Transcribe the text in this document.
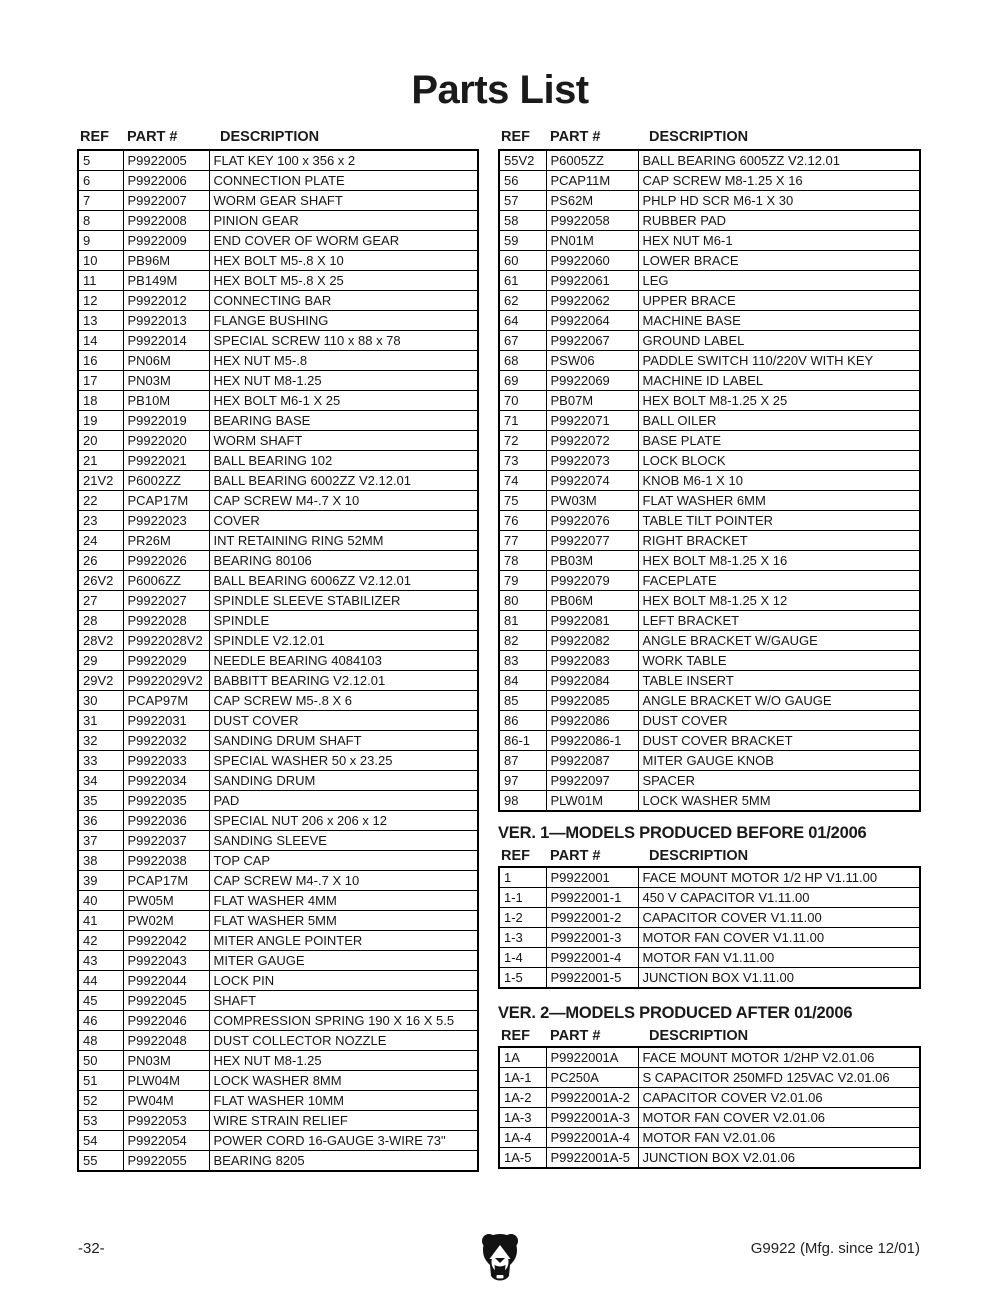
Parts List
REF	PART #	DESCRIPTION
5	P9922005	FLAT KEY 100 x 356 x 2
6	P9922006	CONNECTION PLATE
7	P9922007	WORM GEAR SHAFT
8	P9922008	PINION GEAR
9	P9922009	END COVER OF WORM GEAR
10	PB96M	HEX BOLT M5-.8 X 10
11	PB149M	HEX BOLT M5-.8 X 25
12	P9922012	CONNECTING BAR
13	P9922013	FLANGE BUSHING
14	P9922014	SPECIAL SCREW 110 x 88 x 78
16	PN06M	HEX NUT M5-.8
17	PN03M	HEX NUT M8-1.25
18	PB10M	HEX BOLT M6-1 X 25
19	P9922019	BEARING BASE
20	P9922020	WORM SHAFT
21	P9922021	BALL BEARING 102
21V2	P6002ZZ	BALL BEARING 6002ZZ V2.12.01
22	PCAP17M	CAP SCREW M4-.7 X 10
23	P9922023	COVER
24	PR26M	INT RETAINING RING 52MM
26	P9922026	BEARING 80106
26V2	P6006ZZ	BALL BEARING 6006ZZ V2.12.01
27	P9922027	SPINDLE SLEEVE STABILIZER
28	P9922028	SPINDLE
28V2	P9922028V2	SPINDLE V2.12.01
29	P9922029	NEEDLE BEARING 4084103
29V2	P9922029V2	BABBITT BEARING V2.12.01
30	PCAP97M	CAP SCREW M5-.8 X 6
31	P9922031	DUST COVER
32	P9922032	SANDING DRUM SHAFT
33	P9922033	SPECIAL WASHER 50 x 23.25
34	P9922034	SANDING DRUM
35	P9922035	PAD
36	P9922036	SPECIAL NUT 206 x 206 x 12
37	P9922037	SANDING SLEEVE
38	P9922038	TOP CAP
39	PCAP17M	CAP SCREW M4-.7 X 10
40	PW05M	FLAT WASHER 4MM
41	PW02M	FLAT WASHER 5MM
42	P9922042	MITER ANGLE POINTER
43	P9922043	MITER GAUGE
44	P9922044	LOCK PIN
45	P9922045	SHAFT
46	P9922046	COMPRESSION SPRING 190 X 16 X 5.5
48	P9922048	DUST COLLECTOR NOZZLE
50	PN03M	HEX NUT M8-1.25
51	PLW04M	LOCK WASHER 8MM
52	PW04M	FLAT WASHER 10MM
53	P9922053	WIRE STRAIN RELIEF
54	P9922054	POWER CORD 16-GAUGE 3-WIRE 73"
55	P9922055	BEARING 8205
REF	PART #	DESCRIPTION
55V2	P6005ZZ	BALL BEARING 6005ZZ V2.12.01
56	PCAP11M	CAP SCREW M8-1.25 X 16
57	PS62M	PHLP HD SCR M6-1 X 30
58	P9922058	RUBBER PAD
59	PN01M	HEX NUT M6-1
60	P9922060	LOWER BRACE
61	P9922061	LEG
62	P9922062	UPPER BRACE
64	P9922064	MACHINE BASE
67	P9922067	GROUND LABEL
68	PSW06	PADDLE SWITCH 110/220V WITH KEY
69	P9922069	MACHINE ID LABEL
70	PB07M	HEX BOLT M8-1.25 X 25
71	P9922071	BALL OILER
72	P9922072	BASE PLATE
73	P9922073	LOCK BLOCK
74	P9922074	KNOB M6-1 X 10
75	PW03M	FLAT WASHER 6MM
76	P9922076	TABLE TILT POINTER
77	P9922077	RIGHT BRACKET
78	PB03M	HEX BOLT M8-1.25 X 16
79	P9922079	FACEPLATE
80	PB06M	HEX BOLT M8-1.25 X 12
81	P9922081	LEFT BRACKET
82	P9922082	ANGLE BRACKET W/GAUGE
83	P9922083	WORK TABLE
84	P9922084	TABLE INSERT
85	P9922085	ANGLE BRACKET W/O GAUGE
86	P9922086	DUST COVER
86-1	P9922086-1	DUST COVER BRACKET
87	P9922087	MITER GAUGE KNOB
97	P9922097	SPACER
98	PLW01M	LOCK WASHER 5MM
VER. 1—MODELS PRODUCED BEFORE 01/2006
REF	PART #	DESCRIPTION
1	P9922001	FACE MOUNT MOTOR 1/2 HP V1.11.00
1-1	P9922001-1	450 V CAPACITOR V1.11.00
1-2	P9922001-2	CAPACITOR COVER V1.11.00
1-3	P9922001-3	MOTOR FAN COVER V1.11.00
1-4	P9922001-4	MOTOR FAN V1.11.00
1-5	P9922001-5	JUNCTION BOX V1.11.00
VER. 2—MODELS PRODUCED AFTER 01/2006
REF	PART #	DESCRIPTION
1A	P9922001A	FACE MOUNT MOTOR 1/2HP V2.01.06
1A-1	PC250A	S CAPACITOR 250MFD 125VAC V2.01.06
1A-2	P9922001A-2	CAPACITOR COVER V2.01.06
1A-3	P9922001A-3	MOTOR FAN COVER V2.01.06
1A-4	P9922001A-4	MOTOR FAN V2.01.06
1A-5	P9922001A-5	JUNCTION BOX V2.01.06
-32-	G9922 (Mfg. since 12/01)
